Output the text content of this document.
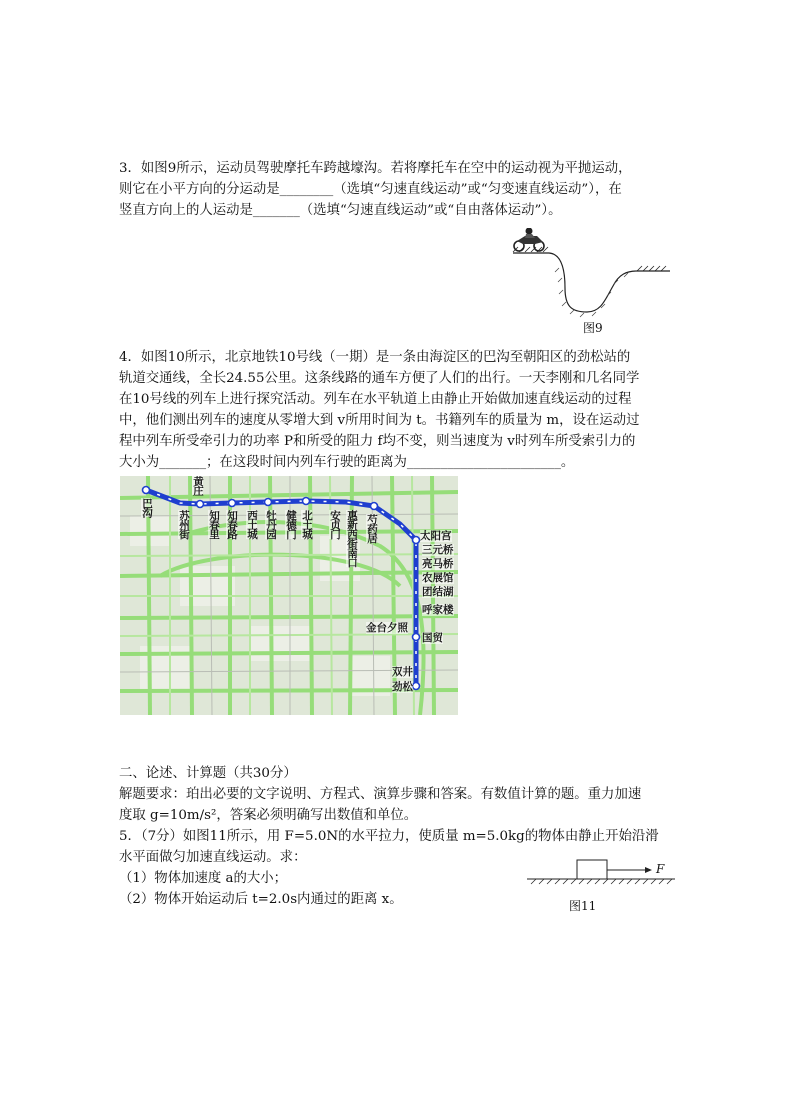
3．如图9所示，运动员驾驶摩托车跨越壕沟。若将摩托车在空中的运动视为平抛运动，
则它在小平方向的分运动是________（选填“匀速直线运动”或“匀变速直线运动”），在
竖直方向上的人运动是_______（选填“匀速直线运动”或“自由落体运动”）。
图9
4．如图10所示，北京地铁10号线（一期）是一条由海淀区的巴沟至朝阳区的劲松站的
轨道交通线，全长24.55公里。这条线路的通车方便了人们的出行。一天李刚和几名同学
在10号线的列车上进行探究活动。列车在水平轨道上由静止开始做加速直线运动的过程
中，他们测出列车的速度从零增大到 v所用时间为 t。书籍列车的质量为 m，设在运动过
程中列车所受牵引力的功率 P和所受的阻力 f均不变，则当速度为 v时列车所受索引力的
大小为_______；在这段时间内列车行驶的距离为_______________________。
巴沟
苏州街
黄庄
知春里 知春路 西土城 牡丹园 健德门 北土城 安贞门 惠新西街南口 芍药居	太阳宫
三元桥
亮马桥
农展馆
团结湖
呼家楼
金台夕照
国贸
双井
劲松
二、论述、计算题（共30分）
解题要求：珀出必要的文字说明、方程式、演算步骤和答案。有数值计算的题。重力加速
度取 g=10m/s²，答案必须明确写出数值和单位。
5．（7分）如图11所示，用 F=5.0N的水平拉力，使质量 m=5.0kg的物体由静止开始沿滑
水平面做匀加速直线运动。求：
（1）物体加速度 a的大小；
（2）物体开始运动后 t=2.0s内通过的距离 x。
F
图11
